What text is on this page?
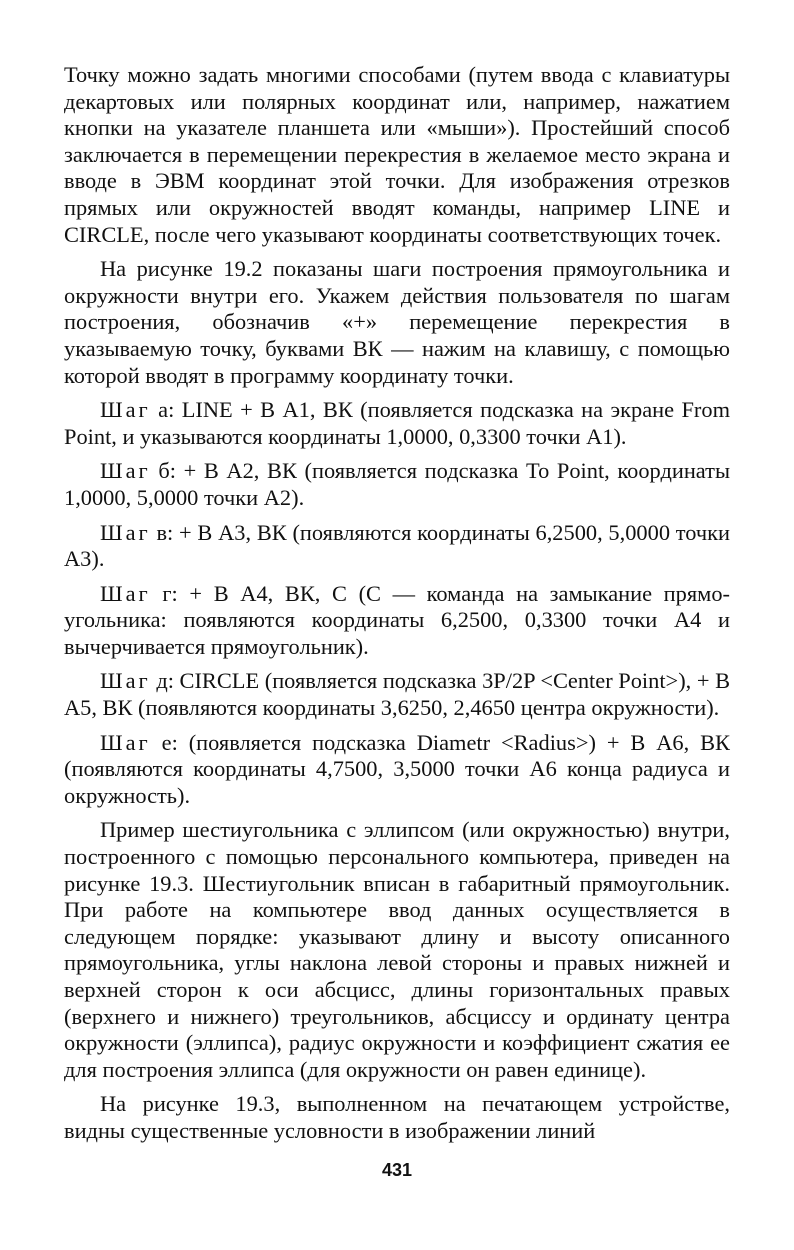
Точку можно задать многими способами (путем ввода с клавиатуры декартовых или полярных координат или, например, нажатием кнопки на указателе планшета или «мыши»). Простейший способ заключается в перемещении перекрестия в желаемое место экрана и вводе в ЭВМ координат этой точки. Для изображения отрезков прямых или окружностей вводят команды, например LINE и CIRCLE, после чего указывают координаты соответствующих точек.

На рисунке 19.2 показаны шаги построения прямоугольника и окружности внутри его. Укажем действия пользователя по шагам построения, обозначив «+» перемещение перекрестия в указываемую точку, буквами ВК — нажим на клавишу, с помощью которой вводят в программу координату точки.

Шаг а: LINE + В A1, ВК (появляется подсказка на экране From Point, и указываются координаты 1,0000, 0,3300 точки A1).

Шаг б: + В А2, ВК (появляется подсказка To Point, координаты 1,0000, 5,0000 точки А2).

Шаг в: + В A3, ВК (появляются координаты 6,2500, 5,0000 точки A3).

Шаг г: + В А4, ВК, С (С — команда на замыкание прямоугольника: появляются координаты 6,2500, 0,3300 точки А4 и вычерчивается прямоугольник).

Шаг д: CIRCLE (появляется подсказка 3P/2P <Center Point>), + В А5, ВК (появляются координаты 3,6250, 2,4650 центра окружности).

Шаг е: (появляется подсказка Diametr <Radius>) + В А6, ВК (появляются координаты 4,7500, 3,5000 точки А6 конца радиуса и окружность).

Пример шестиугольника с эллипсом (или окружностью) внутри, построенного с помощью персонального компьютера, приведен на рисунке 19.3. Шестиугольник вписан в габаритный прямоугольник. При работе на компьютере ввод данных осуществляется в следующем порядке: указывают длину и высоту описанного прямоугольника, углы наклона левой стороны и правых нижней и верхней сторон к оси абсцисс, длины горизонтальных правых (верхнего и нижнего) треугольников, абсциссу и ординату центра окружности (эллипса), радиус окружности и коэффициент сжатия ее для построения эллипса (для окружности он равен единице).

На рисунке 19.3, выполненном на печатающем устройстве, видны существенные условности в изображении линий

431
